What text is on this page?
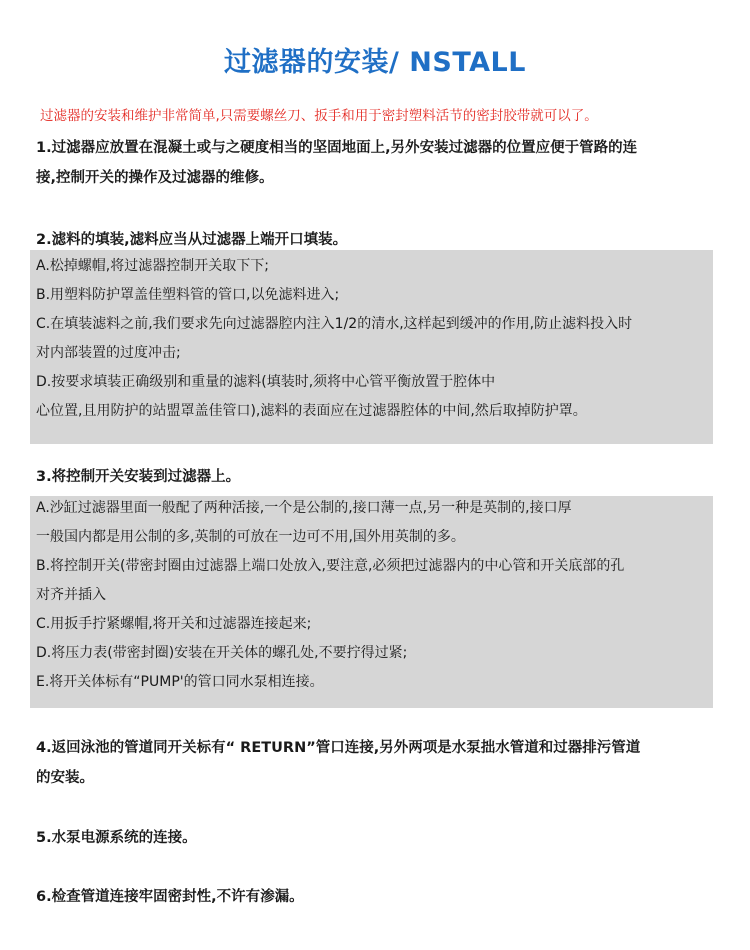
过滤器的安装/ NSTALL
过滤器的安装和维护非常简单,只需要螺丝刀、扳手和用于密封塑料活节的密封胶带就可以了。
1.过滤器应放置在混凝土或与之硬度相当的坚固地面上,另外安装过滤器的位置应便于管路的连
接,控制开关的操作及过滤器的维修。
2.滤料的填装,滤料应当从过滤器上端开口填装。
A.松掉螺帽,将过滤器控制开关取下下;
B.用塑料防护罩盖佳塑料管的管口,以免滤料进入;
C.在填装滤料之前,我们要求先向过滤器腔内注入1/2的清水,这样起到缓冲的作用,防止滤料投入时
对内部装置的过度冲击;
D.按要求填装正确级别和重量的滤料(填装时,须将中心管平衡放置于腔体中
心位置,且用防护的站盟罩盖佳管口),滤料的表面应在过滤器腔体的中间,然后取掉防护罩。
3.将控制开关安装到过滤器上。
A.沙缸过滤器里面一般配了两种活接,一个是公制的,接口薄一点,另一种是英制的,接口厚
一般国内都是用公制的多,英制的可放在一边可不用,国外用英制的多。
B.将控制开关(带密封圈由过滤器上端口处放入,要注意,必须把过滤器内的中心管和开关底部的孔
对齐并插入
C.用扳手拧紧螺帽,将开关和过滤器连接起来;
D.将压力表(带密封圈)安装在开关体的螺孔处,不要拧得过紧;
E.将开关体标有“PUMP'的管口同水泵相连接。
4.返回泳池的管道同开关标有“ RETURN”管口连接,另外两项是水泵拙水管道和过器排污管道
的安装。
5.水泵电源系统的连接。
6.检查管道连接牢固密封性,不许有渗漏。
